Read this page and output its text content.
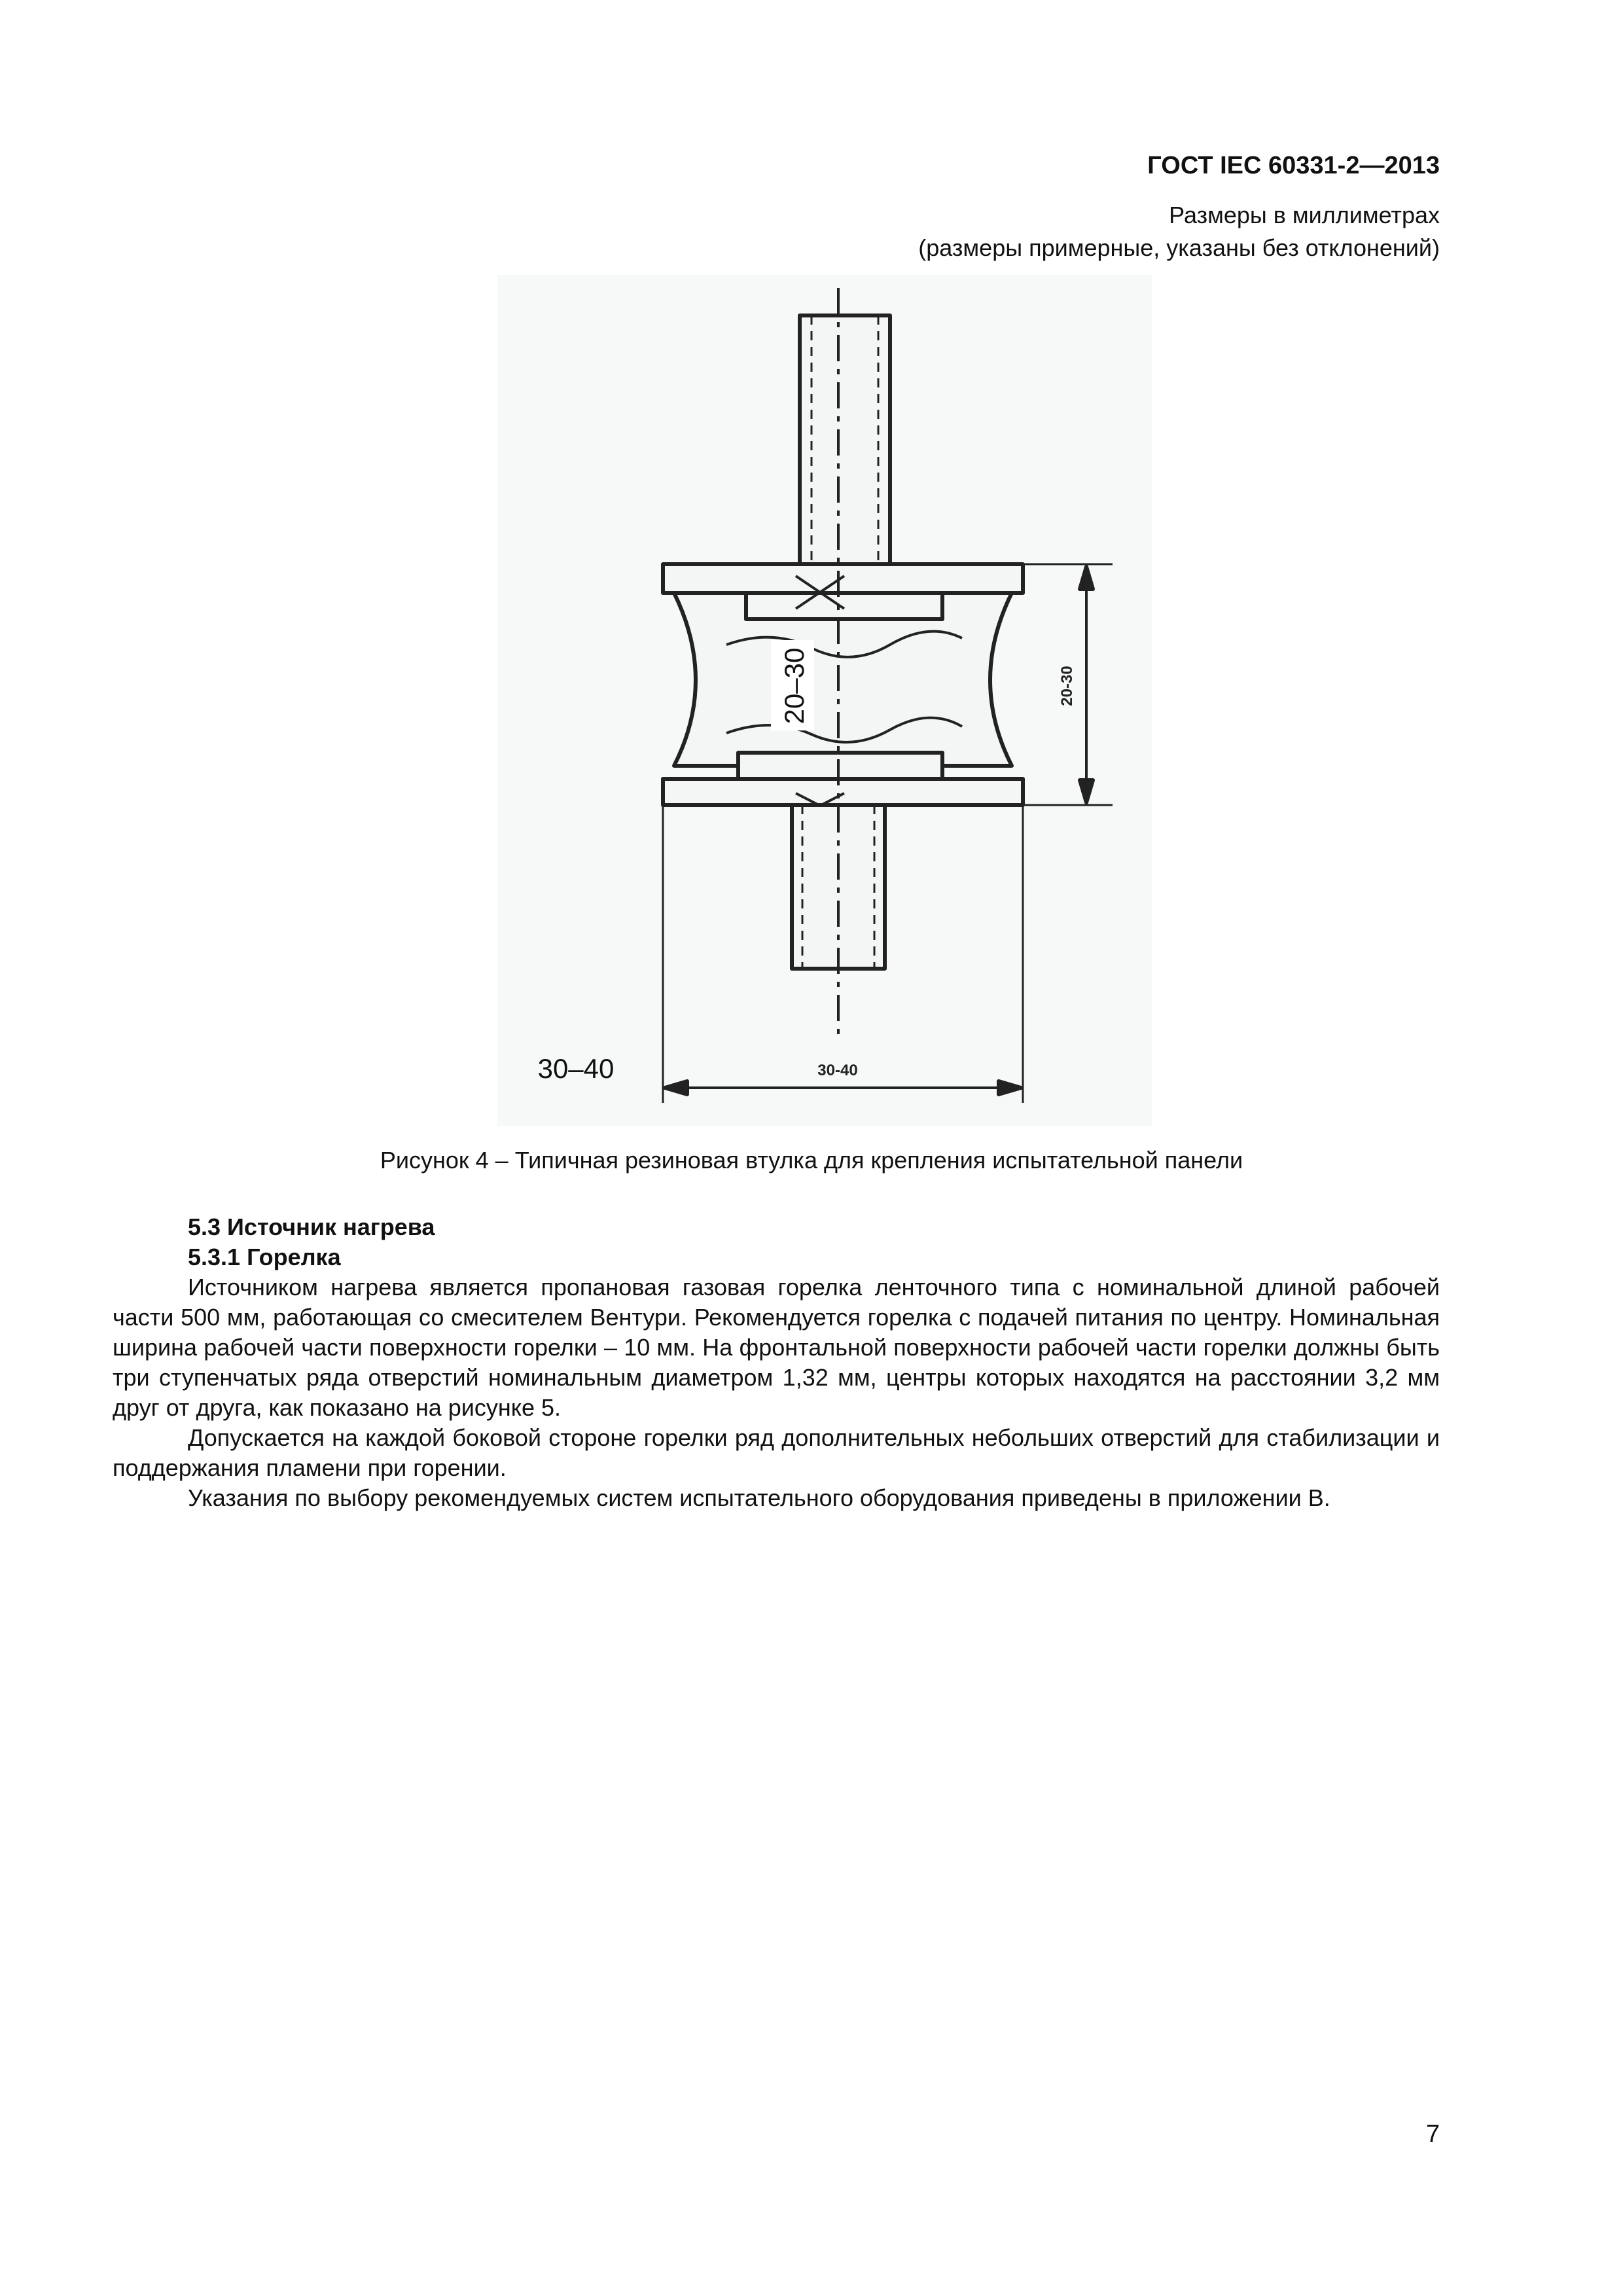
ГОСТ IEC 60331-2—2013
Размеры в миллиметрах
(размеры примерные, указаны без отклонений)
20–30	20-30
30–40	30-40
Рисунок 4 – Типичная резиновая втулка для крепления испытательной панели
5.3 Источник нагрева
5.3.1 Горелка

Источником нагрева является пропановая газовая горелка ленточного типа с номинальной длиной рабочей части 500 мм, работающая со смесителем Вентури. Рекомендуется горелка с подачей питания по центру. Номинальная ширина рабочей части поверхности горелки – 10 мм. На фронтальной поверхности рабочей части горелки должны быть три ступенчатых ряда отверстий номинальным диаметром 1,32 мм, центры которых находятся на расстоянии 3,2 мм друг от друга, как показано на рисунке 5.

Допускается на каждой боковой стороне горелки ряд дополнительных небольших отверстий для стабилизации и поддержания пламени при горении.

Указания по выбору рекомендуемых систем испытательного оборудования приведены в приложении В.

7
